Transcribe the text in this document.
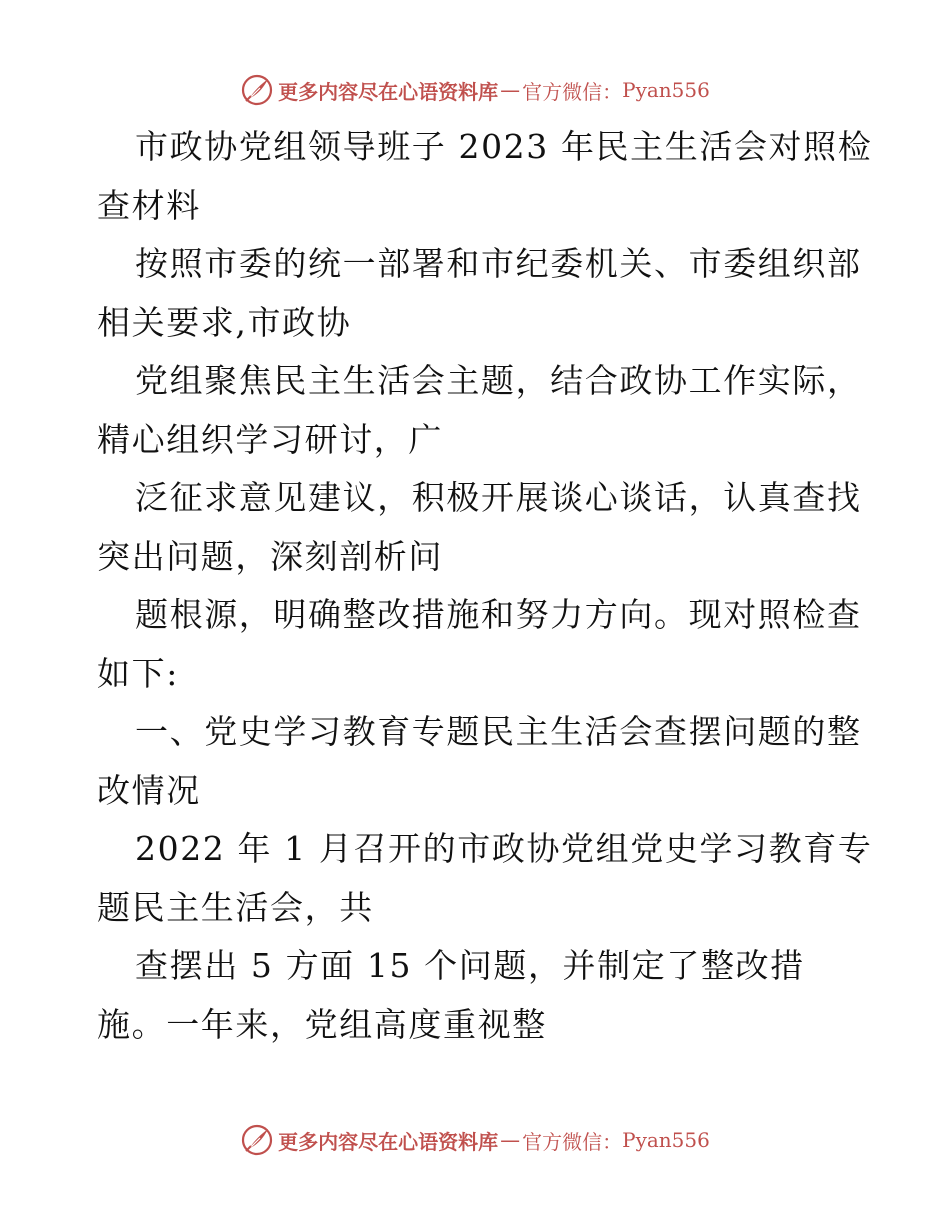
更多内容尽在心语资料库 — 官方微信： Pyan556
市政协党组领导班子 2023 年民主生活会对照检
查材料
按照市委的统一部署和市纪委机关、市委组织部
相关要求,市政协
党组聚焦民主生活会主题，结合政协工作实际，
精心组织学习研讨，广
泛征求意见建议，积极开展谈心谈话，认真查找
突出问题，深刻剖析问
题根源，明确整改措施和努力方向。现对照检查
如下:
一、党史学习教育专题民主生活会查摆问题的整
改情况
2022 年 1 月召开的市政协党组党史学习教育专
题民主生活会，共
查摆出 5 方面 15 个问题，并制定了整改措
施。一年来，党组高度重视整
更多内容尽在心语资料库 — 官方微信： Pyan556
